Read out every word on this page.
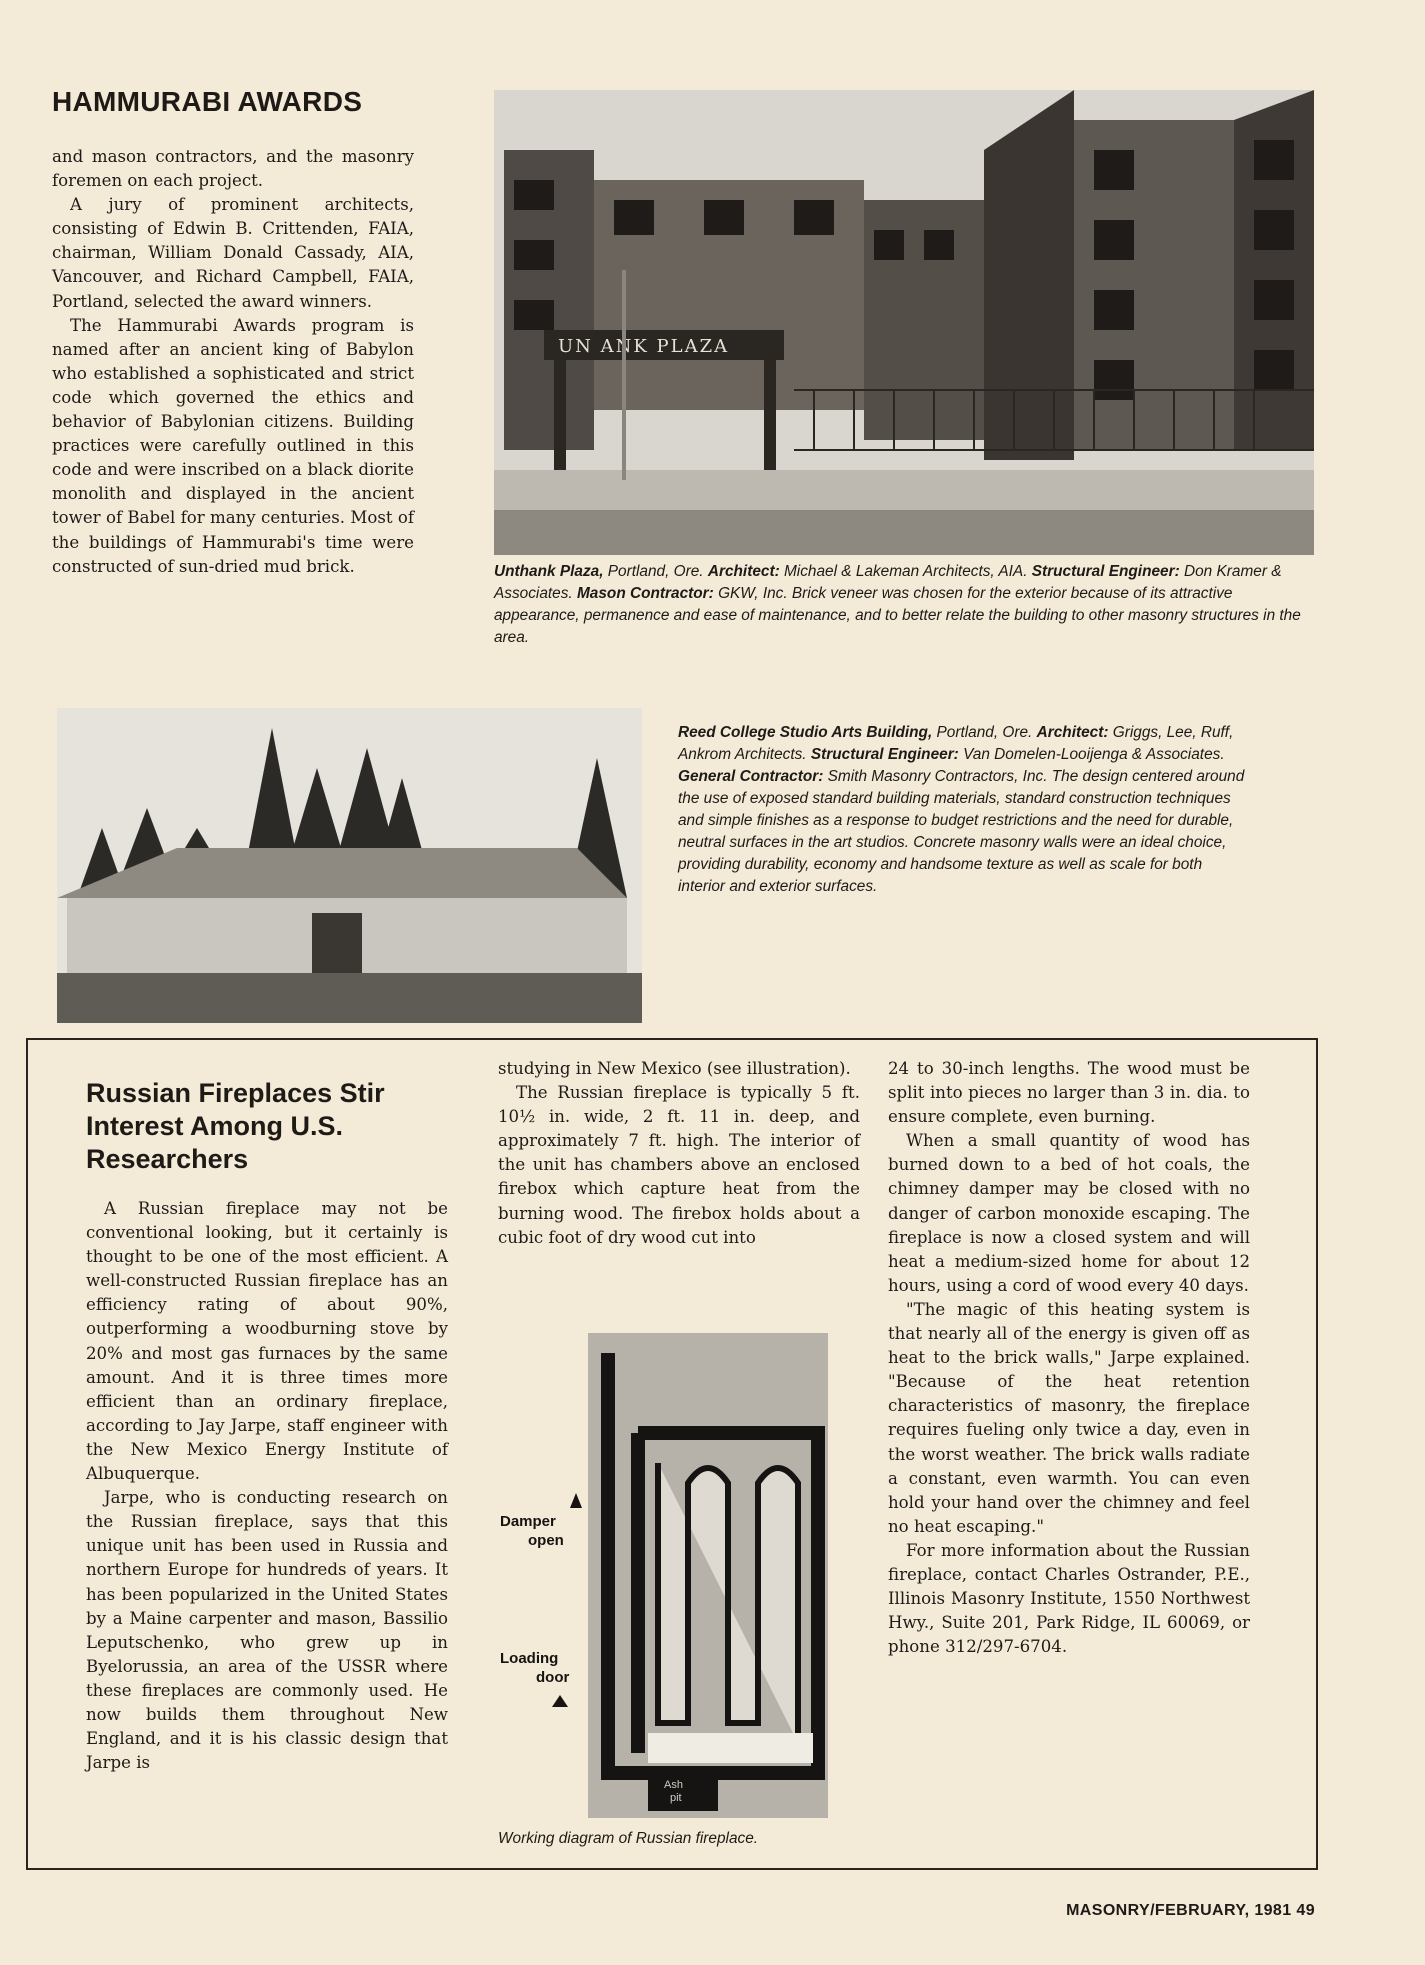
HAMMURABI AWARDS

and mason contractors, and the masonry foremen on each project.

A jury of prominent architects, consisting of Edwin B. Crittenden, FAIA, chairman, William Donald Cassady, AIA, Vancouver, and Richard Campbell, FAIA, Portland, selected the award winners.

The Hammurabi Awards program is named after an ancient king of Babylon who established a sophisticated and strict code which governed the ethics and behavior of Babylonian citizens. Building practices were carefully outlined in this code and were inscribed on a black diorite monolith and displayed in the ancient tower of Babel for many centuries. Most of the buildings of Hammurabi's time were constructed of sun-dried mud brick.

UN ANK PLAZA
Unthank Plaza, Portland, Ore. Architect: Michael & Lakeman Architects, AIA. Structural Engineer: Don Kramer & Associates. Mason Contractor: GKW, Inc. Brick veneer was chosen for the exterior because of its attractive appearance, permanence and ease of maintenance, and to better relate the building to other masonry structures in the area.
Reed College Studio Arts Building, Portland, Ore. Architect: Griggs, Lee, Ruff, Ankrom Architects. Structural Engineer: Van Domelen-Looijenga & Associates. General Contractor: Smith Masonry Contractors, Inc. The design centered around the use of exposed standard building materials, standard construction techniques and simple finishes as a response to budget restrictions and the need for durable, neutral surfaces in the art studios. Concrete masonry walls were an ideal choice, providing durability, economy and handsome texture as well as scale for both interior and exterior surfaces.
Russian Fireplaces Stir Interest Among U.S. Researchers

A Russian fireplace may not be conventional looking, but it certainly is thought to be one of the most efficient. A well-constructed Russian fireplace has an efficiency rating of about 90%, outperforming a woodburning stove by 20% and most gas furnaces by the same amount. And it is three times more efficient than an ordinary fireplace, according to Jay Jarpe, staff engineer with the New Mexico Energy Institute of Albuquerque.

Jarpe, who is conducting research on the Russian fireplace, says that this unique unit has been used in Russia and northern Europe for hundreds of years. It has been popularized in the United States by a Maine carpenter and mason, Bassilio Leputschenko, who grew up in Byelorussia, an area of the USSR where these fireplaces are commonly used. He now builds them throughout New England, and it is his classic design that Jarpe is

studying in New Mexico (see illustration).

The Russian fireplace is typically 5 ft. 10½ in. wide, 2 ft. 11 in. deep, and approximately 7 ft. high. The interior of the unit has chambers above an enclosed firebox which capture heat from the burning wood. The firebox holds about a cubic foot of dry wood cut into

Ash
pit
Damper
open
Loading
door
Working diagram of Russian fireplace.

24 to 30-inch lengths. The wood must be split into pieces no larger than 3 in. dia. to ensure complete, even burning.

When a small quantity of wood has burned down to a bed of hot coals, the chimney damper may be closed with no danger of carbon monoxide escaping. The fireplace is now a closed system and will heat a medium-sized home for about 12 hours, using a cord of wood every 40 days.

"The magic of this heating system is that nearly all of the energy is given off as heat to the brick walls," Jarpe explained. "Because of the heat retention characteristics of masonry, the fireplace requires fueling only twice a day, even in the worst weather. The brick walls radiate a constant, even warmth. You can even hold your hand over the chimney and feel no heat escaping."

For more information about the Russian fireplace, contact Charles Ostrander, P.E., Illinois Masonry Institute, 1550 Northwest Hwy., Suite 201, Park Ridge, IL 60069, or phone 312/297-6704.

MASONRY/FEBRUARY, 1981 49
